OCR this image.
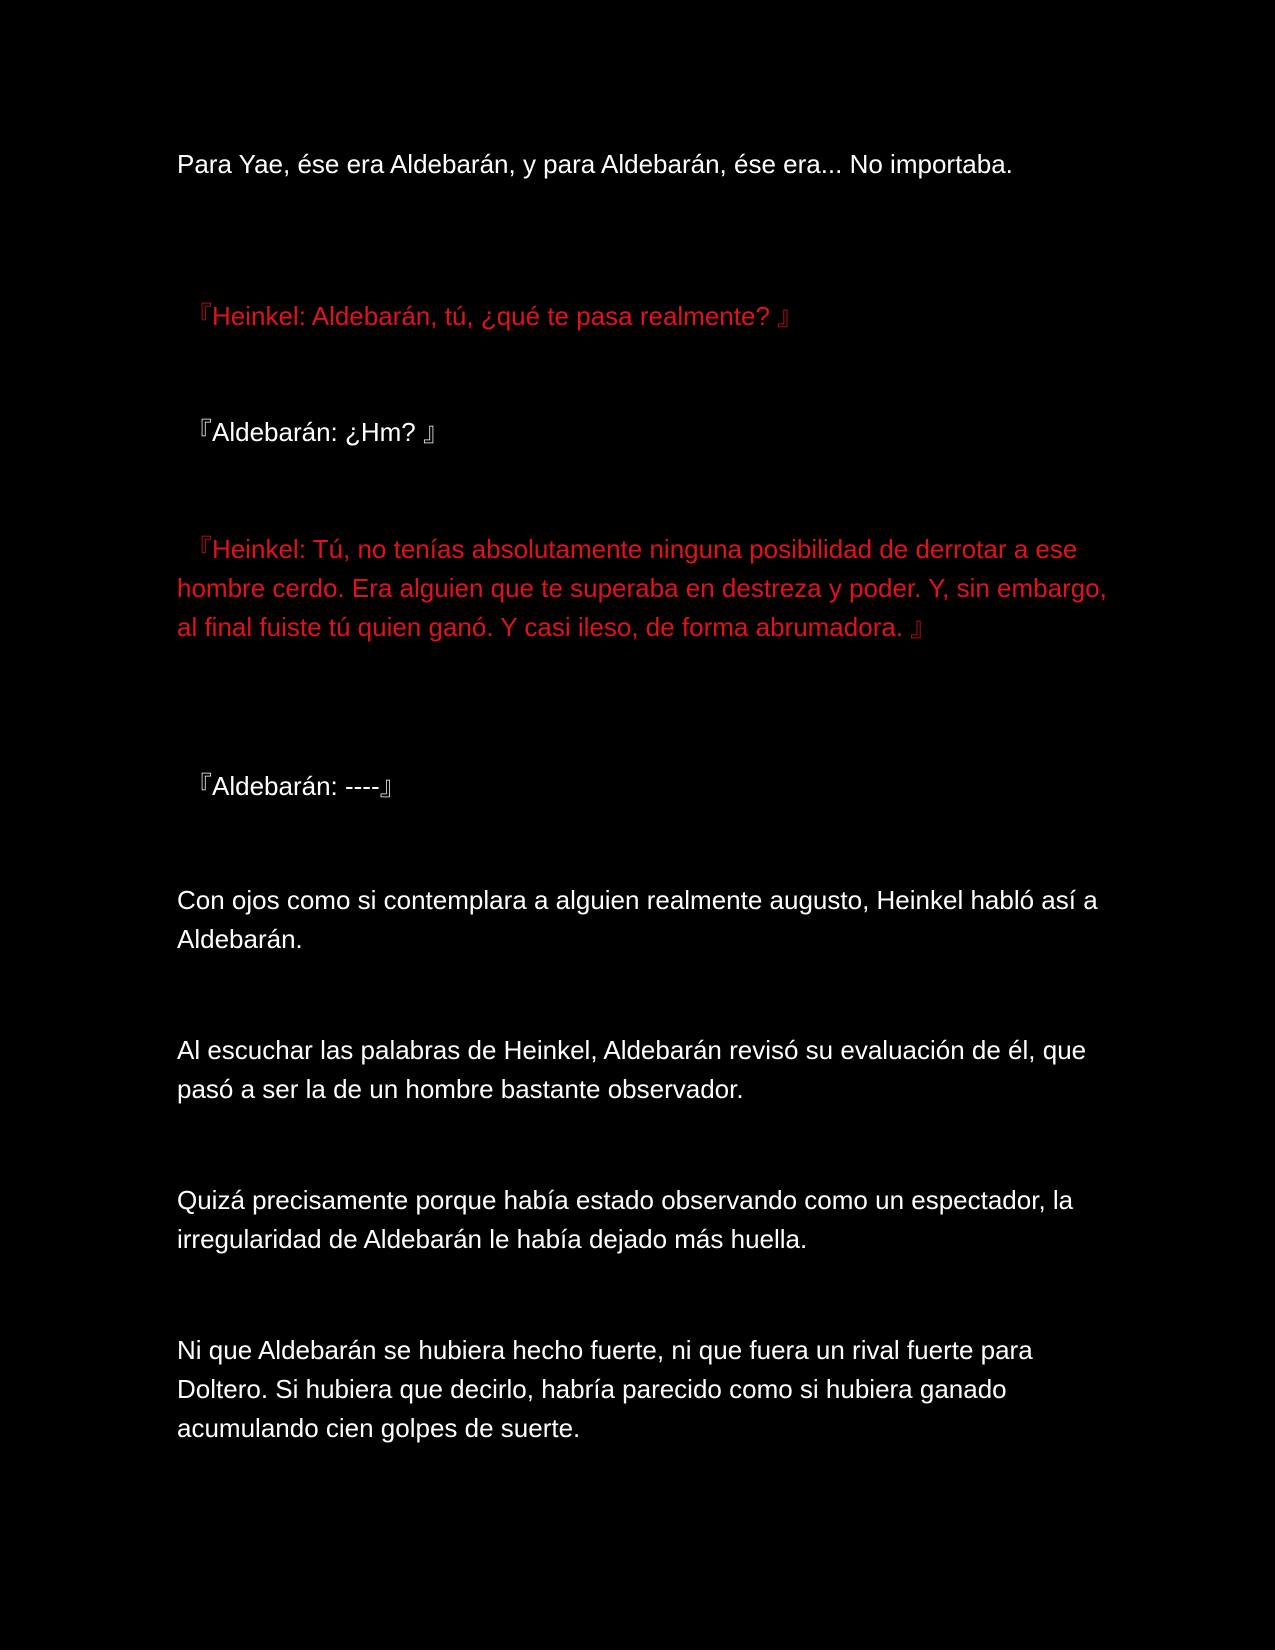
Para Yae, ése era Aldebarán, y para Aldebarán, ése era... No importaba.

『Heinkel: Aldebarán, tú, ¿qué te pasa realmente? 』

『Aldebarán: ¿Hm? 』

『Heinkel: Tú, no tenías absolutamente ninguna posibilidad de derrotar a ese hombre cerdo. Era alguien que te superaba en destreza y poder. Y, sin embargo, al final fuiste tú quien ganó. Y casi ileso, de forma abrumadora. 』

『Aldebarán: ----』

Con ojos como si contemplara a alguien realmente augusto, Heinkel habló así a Aldebarán.

Al escuchar las palabras de Heinkel, Aldebarán revisó su evaluación de él, que pasó a ser la de un hombre bastante observador.

Quizá precisamente porque había estado observando como un espectador, la irregularidad de Aldebarán le había dejado más huella.

Ni que Aldebarán se hubiera hecho fuerte, ni que fuera un rival fuerte para Doltero. Si hubiera que decirlo, habría parecido como si hubiera ganado acumulando cien golpes de suerte.
